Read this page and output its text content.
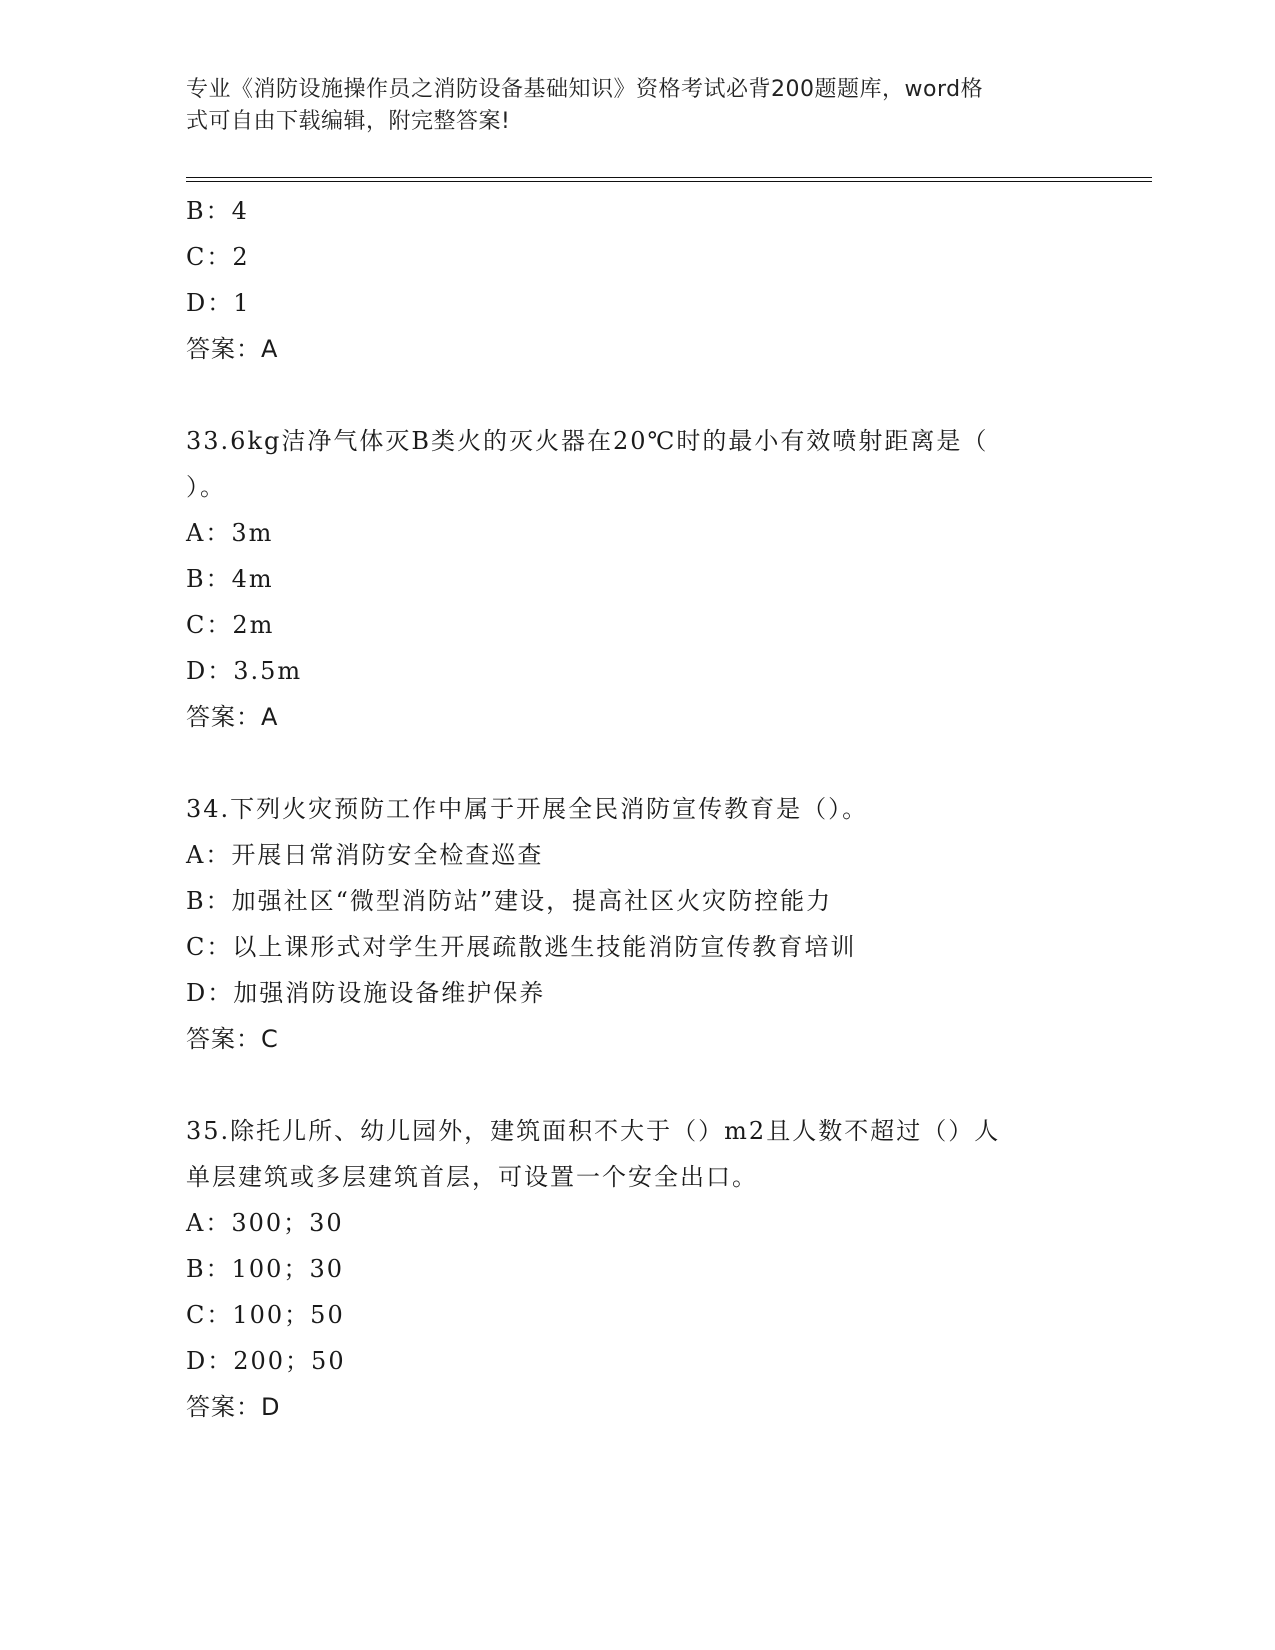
专业《消防设施操作员之消防设备基础知识》资格考试必背200题题库，word格
式可自由下载编辑，附完整答案!
B：4
C：2
D：1
答案：A
33.6kg洁净气体灭B类火的灭火器在20℃时的最小有效喷射距离是（
）。
A：3m
B：4m
C：2m
D：3.5m
答案：A
34.下列火灾预防工作中属于开展全民消防宣传教育是（）。
A：开展日常消防安全检查巡查
B：加强社区“微型消防站”建设，提高社区火灾防控能力
C：以上课形式对学生开展疏散逃生技能消防宣传教育培训
D：加强消防设施设备维护保养
答案：C
35.除托儿所、幼儿园外，建筑面积不大于（）m2且人数不超过（）人
单层建筑或多层建筑首层，可设置一个安全出口。
A：300；30
B：100；30
C：100；50
D：200；50
答案：D
